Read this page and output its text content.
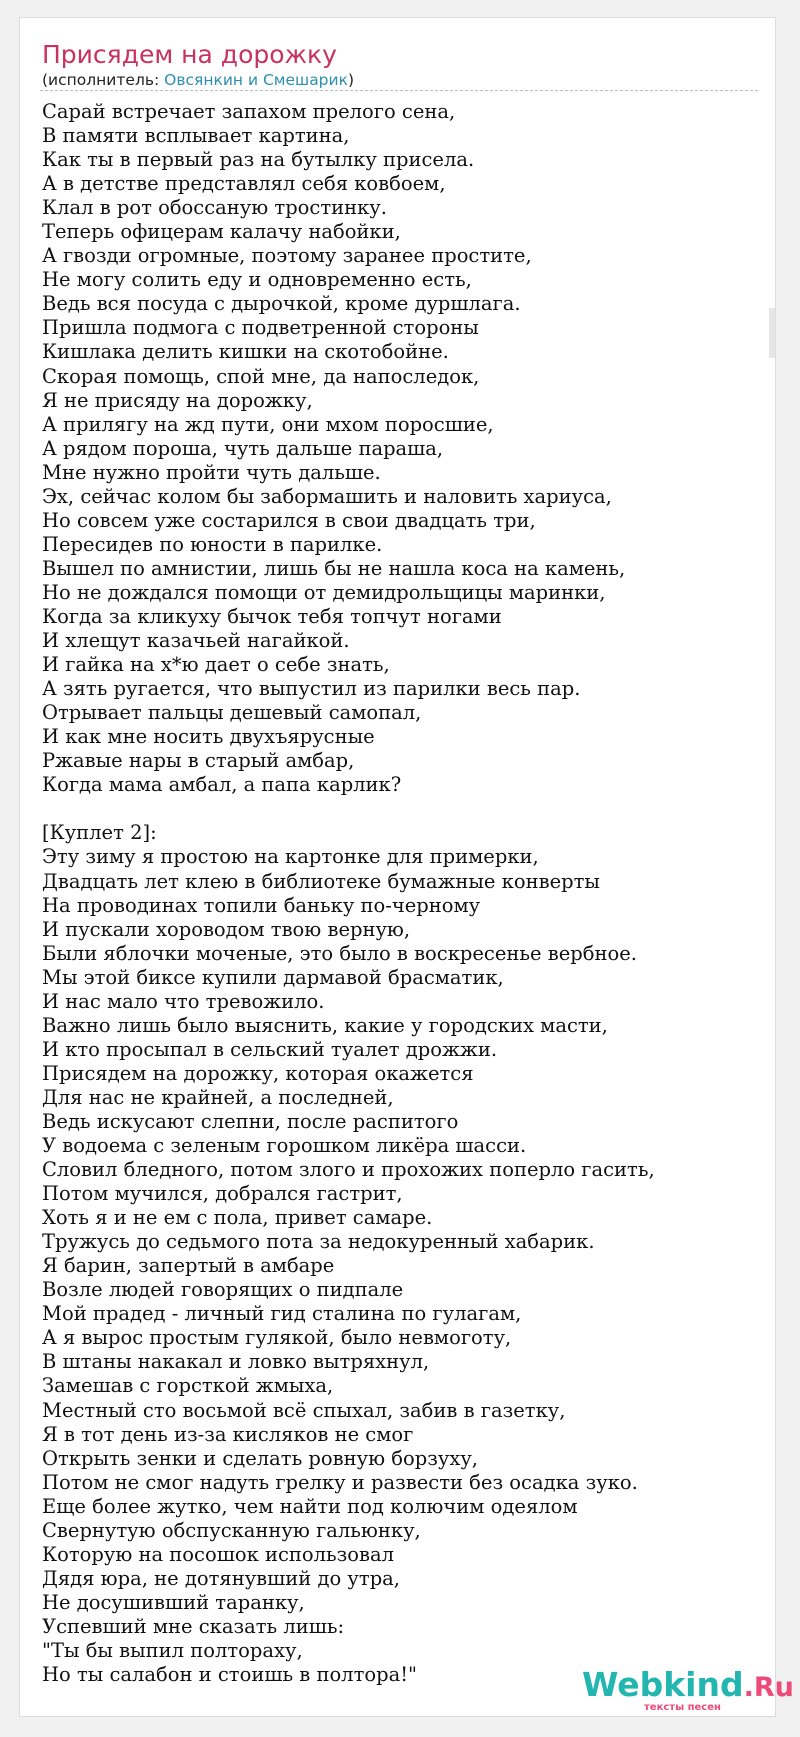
Присядем на дорожку
(исполнитель: Овсянкин и Смешарик)
Сарай встречает запахом прелого сена,
В памяти всплывает картина,
Как ты в первый раз на бутылку присела.
А в детстве представлял себя ковбоем,
Клал в рот обоссаную тростинку.
Теперь офицерам калачу набойки,
А гвозди огромные, поэтому заранее простите,
Не могу солить еду и одновременно есть,
Ведь вся посуда с дырочкой, кроме дуршлага.
Пришла подмога с подветренной стороны
Кишлака делить кишки на скотобойне.
Скорая помощь, спой мне, да напоследок,
Я не присяду на дорожку,
А прилягу на жд пути, они мхом поросшие,
А рядом пороша, чуть дальше параша,
Мне нужно пройти чуть дальше.
Эх, сейчас колом бы забормашить и наловить хариуса,
Но совсем уже состарился в свои двадцать три,
Пересидев по юности в парилке.
Вышел по амнистии, лишь бы не нашла коса на камень,
Но не дождался помощи от демидрольщицы маринки,
Когда за кликуху бычок тебя топчут ногами
И хлещут казачьей нагайкой.
И гайка на х*ю дает о себе знать,
А зять ругается, что выпустил из парилки весь пар.
Отрывает пальцы дешевый самопал,
И как мне носить двухъярусные
Ржавые нары в старый амбар,
Когда мама амбал, а папа карлик?
[Куплет 2]:
Эту зиму я простою на картонке для примерки,
Двадцать лет клею в библиотеке бумажные конверты
На проводинах топили баньку по-черному
И пускали хороводом твою верную,
Были яблочки моченые, это было в воскресенье вербное.
Мы этой биксе купили дармавой брасматик,
И нас мало что тревожило.
Важно лишь было выяснить, какие у городских масти,
И кто просыпал в сельский туалет дрожжи.
Присядем на дорожку, которая окажется
Для нас не крайней, а последней,
Ведь искусают слепни, после распитого
У водоема с зеленым горошком ликёра шасси.
Словил бледного, потом злого и прохожих поперло гасить,
Потом мучился, добрался гастрит,
Хоть я и не ем с пола, привет самаре.
Тружусь до седьмого пота за недокуренный хабарик.
Я барин, запертый в амбаре
Возле людей говорящих о пидпале
Мой прадед - личный гид сталина по гулагам,
А я вырос простым гулякой, было невмоготу,
В штаны накакал и ловко вытряхнул,
Замешав с горсткой жмыха,
Местный сто восьмой всё спыхал, забив в газетку,
Я в тот день из-за кисляков не смог
Открыть зенки и сделать ровную борзуху,
Потом не смог надуть грелку и развести без осадка зуко.
Еще более жутко, чем найти под колючим одеялом
Свернутую обспусканную гальюнку,
Которую на посошок использовал
Дядя юра, не дотянувший до утра,
Не досушивший таранку,
Успевший мне сказать лишь:
"Ты бы выпил полтораху,
Но ты салабон и стоишь в полтора!"	Webkind.Ru
тексты песен
